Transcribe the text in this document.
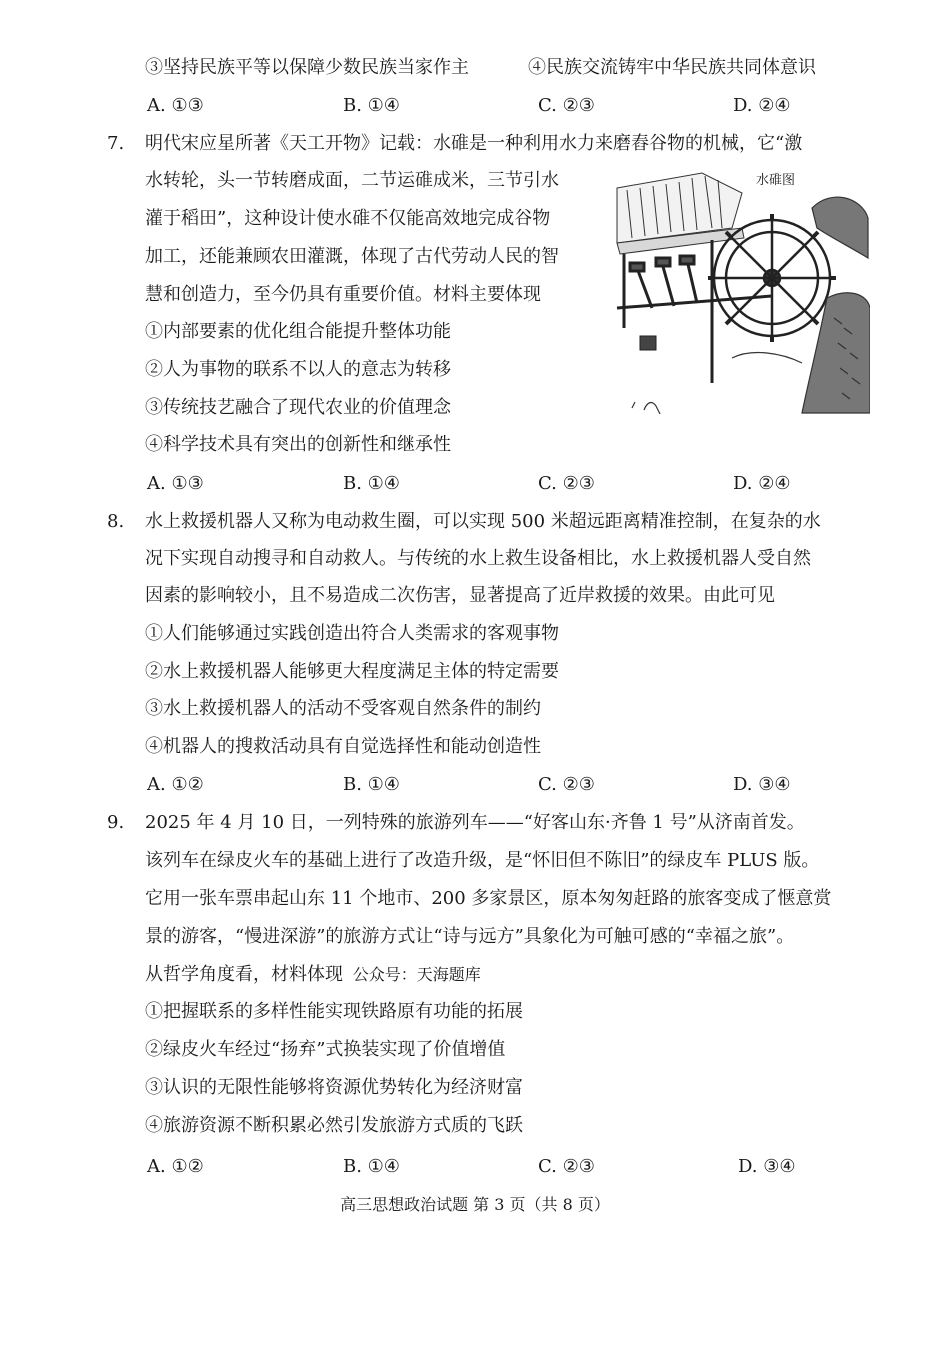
③坚持民族平等以保障少数民族当家作主	④民族交流铸牢中华民族共同体意识
A. ①③	B. ①④	C. ②③	D. ②④
7. 明代宋应星所著《天工开物》记载：水碓是一种利用水力来磨舂谷物的机械，它“激
水转轮，头一节转磨成面，二节运碓成米，三节引水
灌于稻田”，这种设计使水碓不仅能高效地完成谷物
加工，还能兼顾农田灌溉，体现了古代劳动人民的智
慧和创造力，至今仍具有重要价值。材料主要体现
①内部要素的优化组合能提升整体功能
②人为事物的联系不以人的意志为转移
③传统技艺融合了现代农业的价值理念
④科学技术具有突出的创新性和继承性
A. ①③	B. ①④	C. ②③	D. ②④
水碓图
8. 水上救援机器人又称为电动救生圈，可以实现 500 米超远距离精准控制，在复杂的水
况下实现自动搜寻和自动救人。与传统的水上救生设备相比，水上救援机器人受自然
因素的影响较小，且不易造成二次伤害，显著提高了近岸救援的效果。由此可见
①人们能够通过实践创造出符合人类需求的客观事物
②水上救援机器人能够更大程度满足主体的特定需要
③水上救援机器人的活动不受客观自然条件的制约
④机器人的搜救活动具有自觉选择性和能动创造性
A. ①②	B. ①④	C. ②③	D. ③④
9. 2025 年 4 月 10 日，一列特殊的旅游列车——“好客山东·齐鲁 1 号”从济南首发。
该列车在绿皮火车的基础上进行了改造升级，是“怀旧但不陈旧”的绿皮车 PLUS 版。
它用一张车票串起山东 11 个地市、200 多家景区，原本匆匆赶路的旅客变成了惬意赏
景的游客，“慢进深游”的旅游方式让“诗与远方”具象化为可触可感的“幸福之旅”。
从哲学角度看，材料体现 公众号：天海题库
①把握联系的多样性能实现铁路原有功能的拓展
②绿皮火车经过“扬弃”式换装实现了价值增值
③认识的无限性能够将资源优势转化为经济财富
④旅游资源不断积累必然引发旅游方式质的飞跃
A. ①②	B. ①④	C. ②③	D. ③④
高三思想政治试题 第 3 页（共 8 页）
